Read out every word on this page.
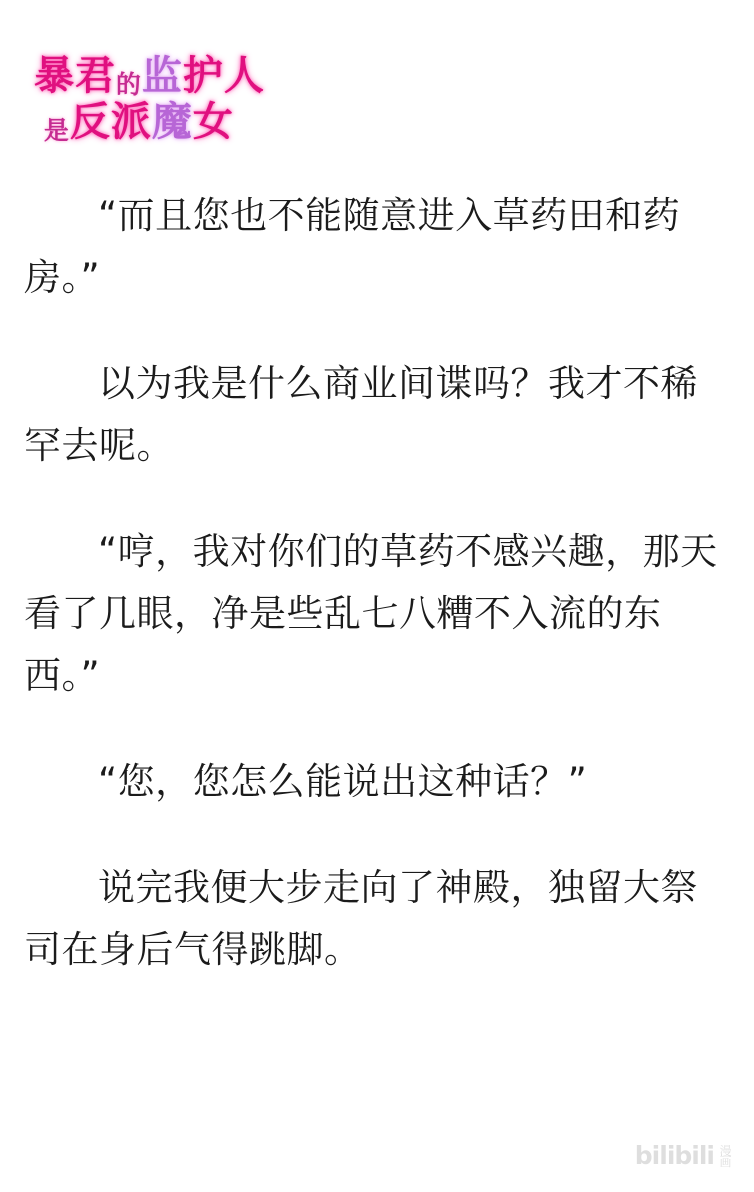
暴君的监护人
是反派魔女

“而且您也不能随意进入草药田和药房。”

以为我是什么商业间谍吗？我才不稀罕去呢。

“哼，我对你们的草药不感兴趣，那天看了几眼，净是些乱七八糟不入流的东西。”

“您，您怎么能说出这种话？”

说完我便大步走向了神殿，独留大祭司在身后气得跳脚。

bilibili 漫画
